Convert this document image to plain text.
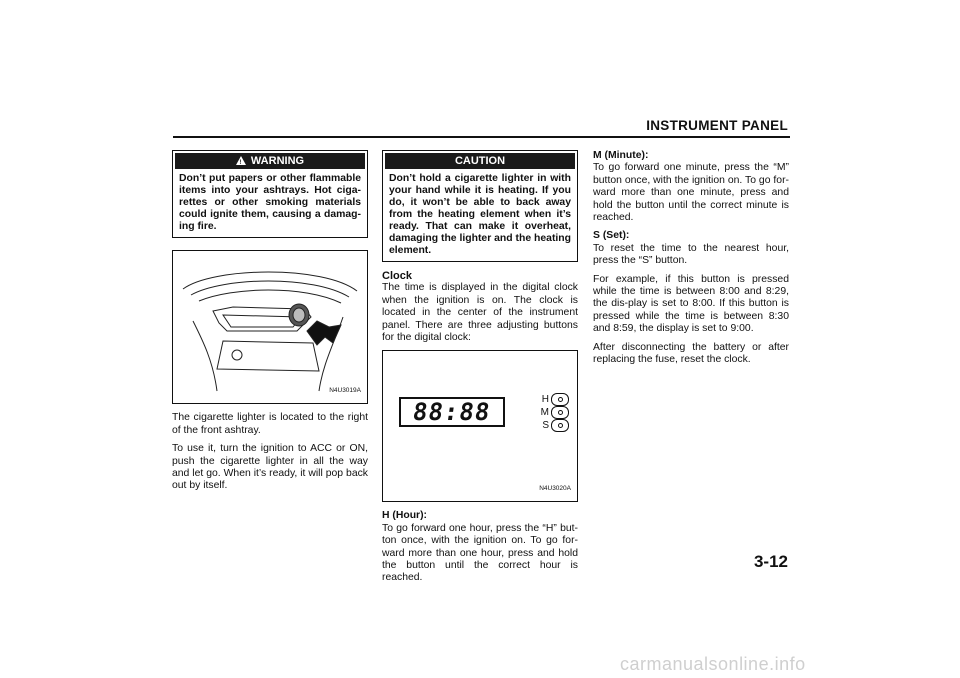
INSTRUMENT PANEL
!WARNING
Don’t put papers or other flammable items into your ashtrays. Hot ciga-rettes or other smoking materials could ignite them, causing a damag-ing fire.
N4U3019A

The cigarette lighter is located to the right of the front ashtray.

To use it, turn the ignition to ACC or ON, push the cigarette lighter in all the way and let go. When it’s ready, it will pop back out by itself.

CAUTION
Don’t hold a cigarette lighter in with your hand while it is heating. If you do, it won’t be able to back away from the heating element when it’s ready. That can make it overheat, damaging the lighter and the heating element.
Clock

The time is displayed in the digital clock when the ignition is on. The clock is located in the center of the instrument panel. There are three adjusting buttons for the digital clock:

88:88	H
M
S
N4U3020A
H (Hour):

To go forward one hour, press the “H” but-ton once, with the ignition on. To go for-ward more than one hour, press and hold the button until the correct hour is reached.

M (Minute):

To go forward one minute, press the “M” button once, with the ignition on. To go for-ward more than one minute, press and hold the button until the correct minute is reached.

S (Set):

To reset the time to the nearest hour, press the “S” button.

For example, if this button is pressed while the time is between 8:00 and 8:29, the dis-play is set to 8:00. If this button is pressed while the time is between 8:30 and 8:59, the display is set to 9:00.

After disconnecting the battery or after replacing the fuse, reset the clock.

3-12
carmanualsonline.info
